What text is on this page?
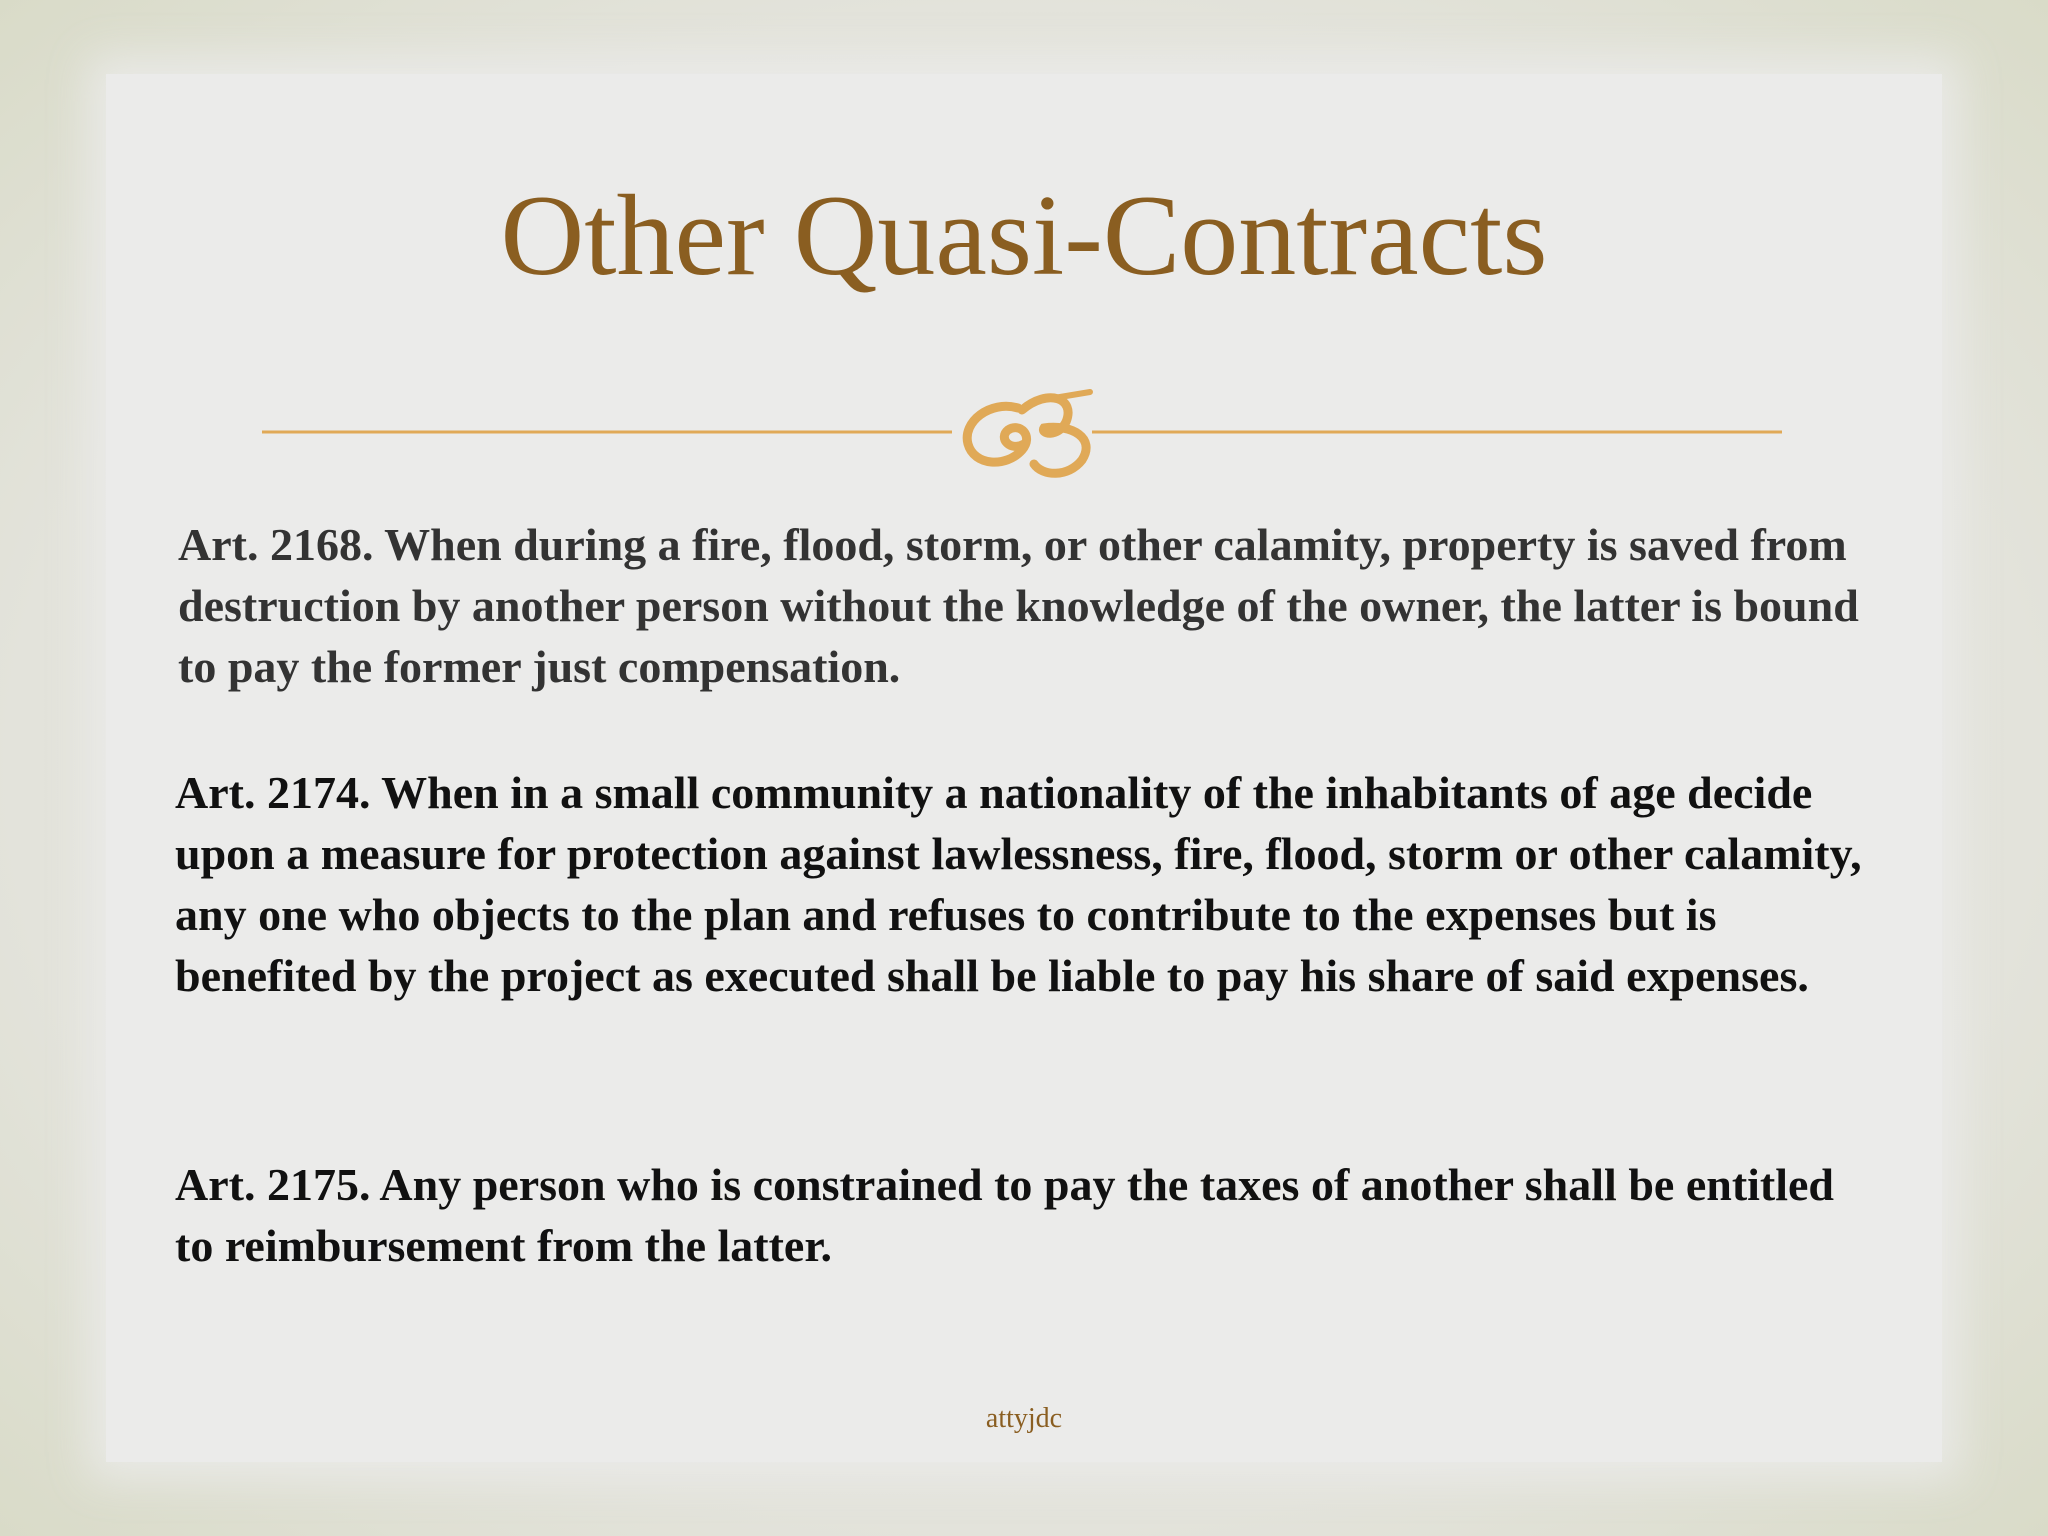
Other Quasi-Contracts

Art. 2168. When during a fire, flood, storm, or other calamity, property is saved from destruction by another person without the knowledge of the owner, the latter is bound to pay the former just compensation.

Art. 2174. When in a small community a nationality of the inhabitants of age decide upon a measure for protection against lawlessness, fire, flood, storm or other calamity, any one who objects to the plan and refuses to contribute to the expenses but is benefited by the project as executed shall be liable to pay his share of said expenses.

Art. 2175. Any person who is constrained to pay the taxes of another shall be entitled to reimbursement from the latter.

attyjdc
